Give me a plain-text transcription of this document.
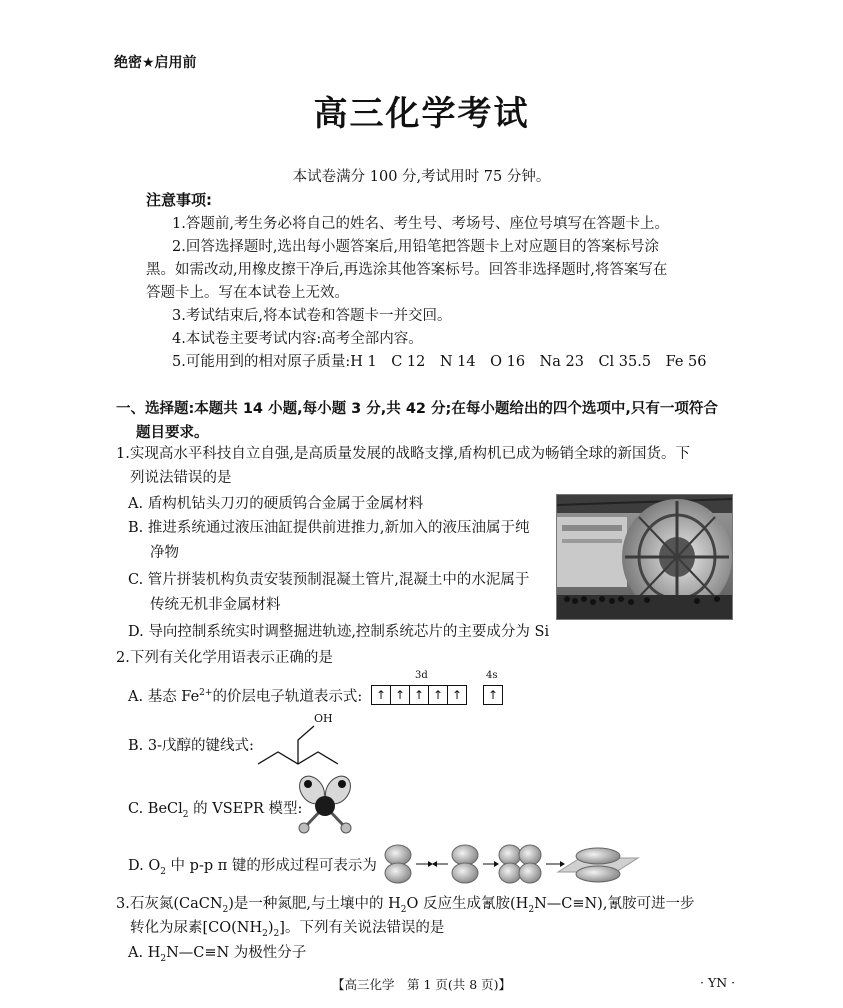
绝密★启用前
高三化学考试
本试卷满分 100 分,考试用时 75 分钟。
注意事项:
1.答题前,考生务必将自己的姓名、考生号、考场号、座位号填写在答题卡上。
2.回答选择题时,选出每小题答案后,用铅笔把答题卡上对应题目的答案标号涂
黑。如需改动,用橡皮擦干净后,再选涂其他答案标号。回答非选择题时,将答案写在
答题卡上。写在本试卷上无效。
3.考试结束后,将本试卷和答题卡一并交回。
4.本试卷主要考试内容:高考全部内容。
5.可能用到的相对原子质量:H 1　C 12　N 14　O 16　Na 23　Cl 35.5　Fe 56
一、选择题:本题共 14 小题,每小题 3 分,共 42 分;在每小题给出的四个选项中,只有一项符合
题目要求。
1.实现高水平科技自立自强,是高质量发展的战略支撑,盾构机已成为畅销全球的新国货。下
列说法错误的是
A. 盾构机钻头刀刃的硬质钨合金属于金属材料
B. 推进系统通过液压油缸提供前进推力,新加入的液压油属于纯
净物
C. 管片拼装机构负责安装预制混凝土管片,混凝土中的水泥属于
传统无机非金属材料
D. 导向控制系统实时调整掘进轨迹,控制系统芯片的主要成分为 Si
2.下列有关化学用语表示正确的是
A. 基态 $Fe^{2+}$的价层电子轨道表示式:
3d	4s
↑ ↑ ↑ ↑ ↑	↑
B. 3-戊醇的键线式:
OH
C. BeCl$_2$ 的 VSEPR 模型:
D. $O_2$ 中 p-p π 键的形成过程可表示为
3.石灰氮(CaCN$_2$)是一种氮肥,与土壤中的 $H_2O$ 反应生成氰胺$(H_2N—C\equiv N)$,氰胺可进一步
转化为尿素$[CO(NH_2)_2]$。下列有关说法错误的是
A. $H_2N—C\equiv N$ 为极性分子
【高三化学　第 1 页(共 8 页)】	· YN ·
